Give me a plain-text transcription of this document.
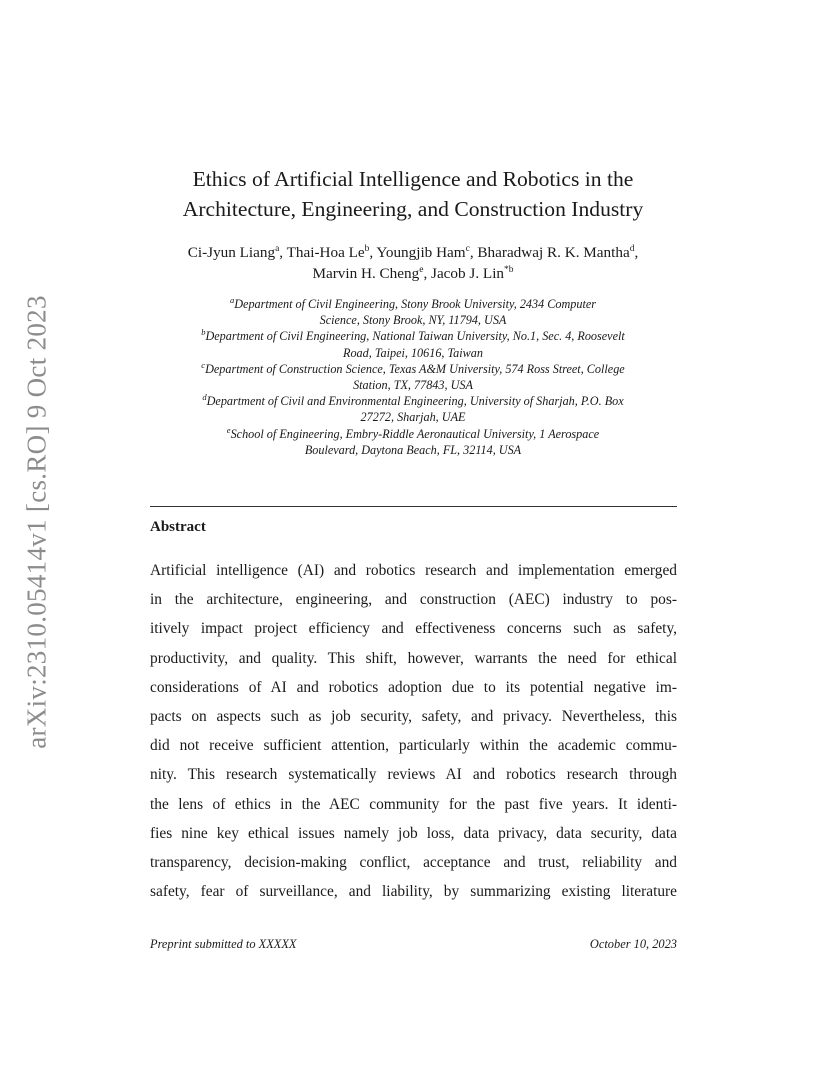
arXiv:2310.05414v1 [cs.RO] 9 Oct 2023
Ethics of Artificial Intelligence and Robotics in the
Architecture, Engineering, and Construction Industry
Ci-Jyun Liang$^a$, Thai-Hoa Le$^b$, Youngjib Ham$^c$, Bharadwaj R. K. Mantha$^d$,
Marvin H. Cheng$^e$, Jacob J. Lin$^{*b}$
$^a$Department of Civil Engineering, Stony Brook University, 2434 Computer
Science, Stony Brook, NY, 11794, USA
$^b$Department of Civil Engineering, National Taiwan University, No.1, Sec. 4, Roosevelt
Road, Taipei, 10616, Taiwan
$^c$Department of Construction Science, Texas A&M University, 574 Ross Street, College
Station, TX, 77843, USA
$^d$Department of Civil and Environmental Engineering, University of Sharjah, P.O. Box
27272, Sharjah, UAE
$^e$School of Engineering, Embry-Riddle Aeronautical University, 1 Aerospace
Boulevard, Daytona Beach, FL, 32114, USA
Abstract
Artificial intelligence (AI) and robotics research and implementation emerged
in the architecture, engineering, and construction (AEC) industry to pos-
itively impact project efficiency and effectiveness concerns such as safety,
productivity, and quality. This shift, however, warrants the need for ethical
considerations of AI and robotics adoption due to its potential negative im-
pacts on aspects such as job security, safety, and privacy. Nevertheless, this
did not receive sufficient attention, particularly within the academic commu-
nity. This research systematically reviews AI and robotics research through
the lens of ethics in the AEC community for the past five years. It identi-
fies nine key ethical issues namely job loss, data privacy, data security, data
transparency, decision-making conflict, acceptance and trust, reliability and
safety, fear of surveillance, and liability, by summarizing existing literature
Preprint submitted to XXXXX	October 10, 2023
